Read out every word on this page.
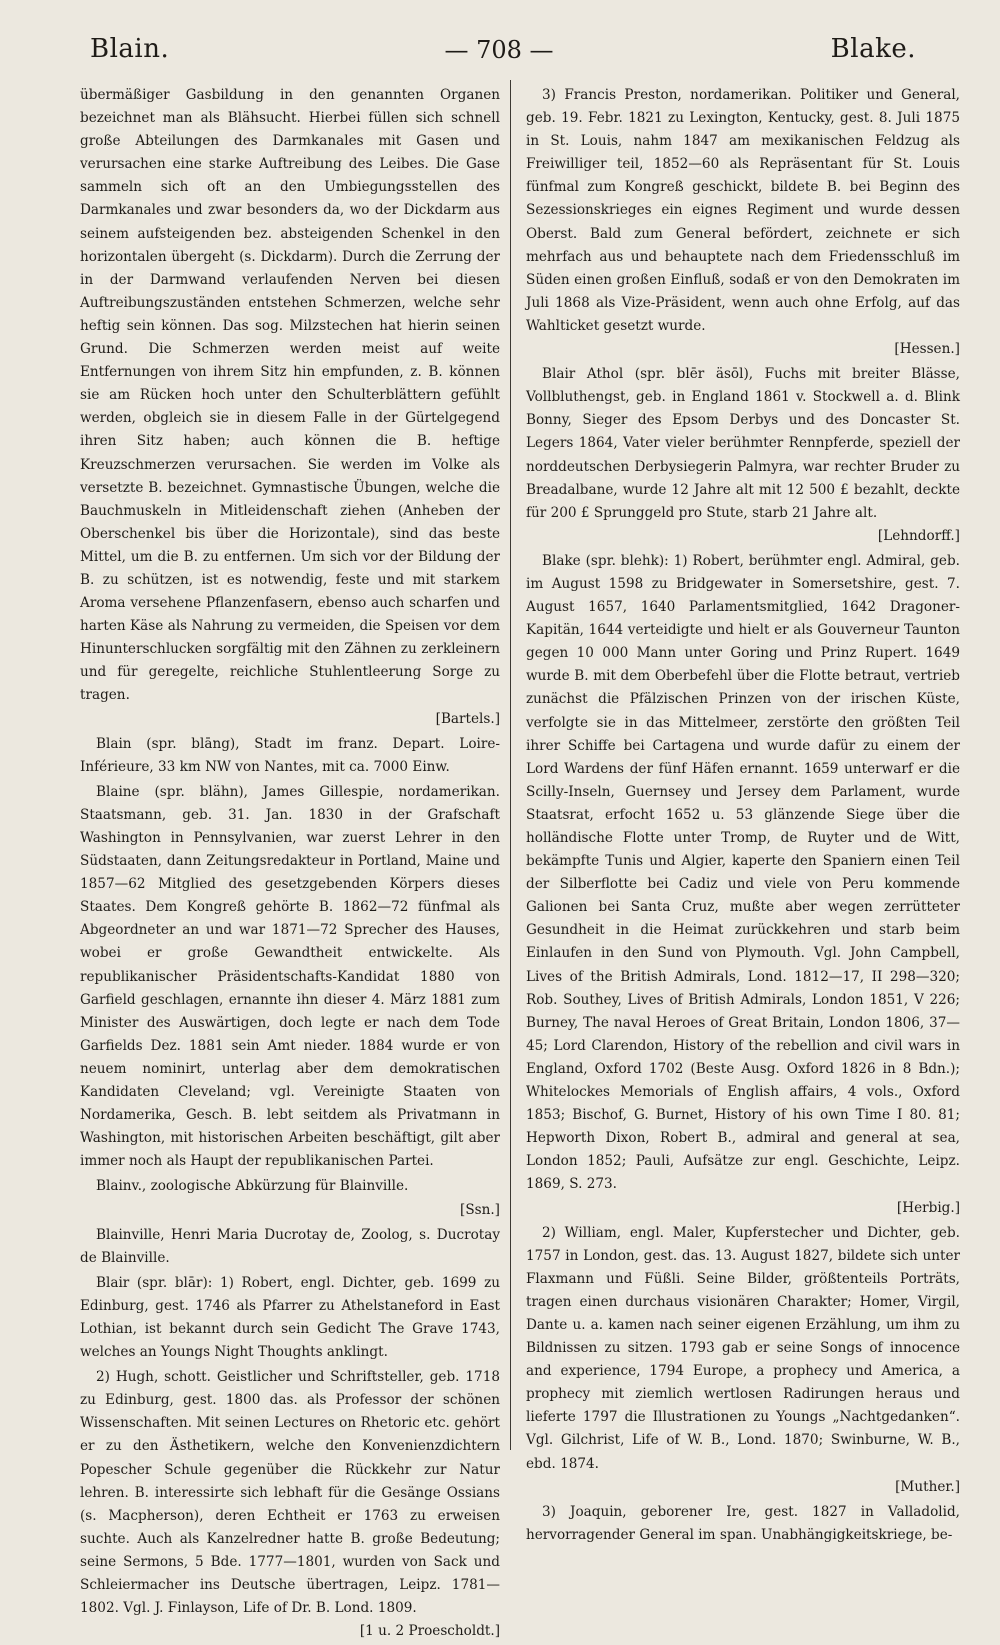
Blain.	— 708 —	Blake.

übermäßiger Gasbildung in den genannten Organen bezeichnet man als Blähsucht. Hierbei füllen sich schnell große Abteilungen des Darmkanales mit Gasen und verursachen eine starke Auftreibung des Leibes. Die Gase sammeln sich oft an den Umbiegungsstellen des Darmkanales und zwar besonders da, wo der Dickdarm aus seinem aufsteigenden bez. absteigenden Schenkel in den horizontalen übergeht (s. Dickdarm). Durch die Zerrung der in der Darmwand verlaufenden Nerven bei diesen Auftreibungszuständen entstehen Schmerzen, welche sehr heftig sein können. Das sog. Milzstechen hat hierin seinen Grund. Die Schmerzen werden meist auf weite Entfernungen von ihrem Sitz hin empfunden, z. B. können sie am Rücken hoch unter den Schulterblättern gefühlt werden, obgleich sie in diesem Falle in der Gürtelgegend ihren Sitz haben; auch können die B. heftige Kreuzschmerzen verursachen. Sie werden im Volke als versetzte B. bezeichnet. Gymnastische Übungen, welche die Bauchmuskeln in Mitleidenschaft ziehen (Anheben der Oberschenkel bis über die Horizontale), sind das beste Mittel, um die B. zu entfernen. Um sich vor der Bildung der B. zu schützen, ist es notwendig, feste und mit starkem Aroma versehene Pflanzenfasern, ebenso auch scharfen und harten Käse als Nahrung zu vermeiden, die Speisen vor dem Hinunterschlucken sorgfältig mit den Zähnen zu zerkleinern und für geregelte, reichliche Stuhlentleerung Sorge zu tragen.
[Bartels.]

Blain (spr. blāng), Stadt im franz. Depart. Loire-Inférieure, 33 km NW von Nantes, mit ca. 7000 Einw.

Blaine (spr. blähn), James Gillespie, nordamerikan. Staatsmann, geb. 31. Jan. 1830 in der Grafschaft Washington in Pennsylvanien, war zuerst Lehrer in den Südstaaten, dann Zeitungsredakteur in Portland, Maine und 1857—62 Mitglied des gesetzgebenden Körpers dieses Staates. Dem Kongreß gehörte B. 1862—72 fünfmal als Abgeordneter an und war 1871—72 Sprecher des Hauses, wobei er große Gewandtheit entwickelte. Als republikanischer Präsidentschafts-Kandidat 1880 von Garfield geschlagen, ernannte ihn dieser 4. März 1881 zum Minister des Auswärtigen, doch legte er nach dem Tode Garfields Dez. 1881 sein Amt nieder. 1884 wurde er von neuem nominirt, unterlag aber dem demokratischen Kandidaten Cleveland; vgl. Vereinigte Staaten von Nordamerika, Gesch. B. lebt seitdem als Privatmann in Washington, mit historischen Arbeiten beschäftigt, gilt aber immer noch als Haupt der republikanischen Partei.

Blainv., zoologische Abkürzung für Blainville.
[Ssn.]

Blainville, Henri Maria Ducrotay de, Zoolog, s. Ducrotay de Blainville.

Blair (spr. blār): 1) Robert, engl. Dichter, geb. 1699 zu Edinburg, gest. 1746 als Pfarrer zu Athelstaneford in East Lothian, ist bekannt durch sein Gedicht The Grave 1743, welches an Youngs Night Thoughts anklingt.

2) Hugh, schott. Geistlicher und Schriftsteller, geb. 1718 zu Edinburg, gest. 1800 das. als Professor der schönen Wissenschaften. Mit seinen Lectures on Rhetoric etc. gehört er zu den Ästhetikern, welche den Konvenienzdichtern Popescher Schule gegenüber die Rückkehr zur Natur lehren. B. interessirte sich lebhaft für die Gesänge Ossians (s. Macpherson), deren Echtheit er 1763 zu erweisen suchte. Auch als Kanzelredner hatte B. große Bedeutung; seine Sermons, 5 Bde. 1777—1801, wurden von Sack und Schleiermacher ins Deutsche übertragen, Leipz. 1781—1802. Vgl. J. Finlayson, Life of Dr. B. Lond. 1809.
[1 u. 2 Proescholdt.]

3) Francis Preston, nordamerikan. Politiker und General, geb. 19. Febr. 1821 zu Lexington, Kentucky, gest. 8. Juli 1875 in St. Louis, nahm 1847 am mexikanischen Feldzug als Freiwilliger teil, 1852—60 als Repräsentant für St. Louis fünfmal zum Kongreß geschickt, bildete B. bei Beginn des Sezessionskrieges ein eignes Regiment und wurde dessen Oberst. Bald zum General befördert, zeichnete er sich mehrfach aus und behauptete nach dem Friedensschluß im Süden einen großen Einfluß, sodaß er von den Demokraten im Juli 1868 als Vize-Präsident, wenn auch ohne Erfolg, auf das Wahlticket gesetzt wurde.
[Hessen.]

Blair Athol (spr. blēr äsōl), Fuchs mit breiter Blässe, Vollbluthengst, geb. in England 1861 v. Stockwell a. d. Blink Bonny, Sieger des Epsom Derbys und des Doncaster St. Legers 1864, Vater vieler berühmter Rennpferde, speziell der norddeutschen Derbysiegerin Palmyra, war rechter Bruder zu Breadalbane, wurde 12 Jahre alt mit 12 500 £ bezahlt, deckte für 200 £ Sprunggeld pro Stute, starb 21 Jahre alt.
[Lehndorff.]

Blake (spr. blehk): 1) Robert, berühmter engl. Admiral, geb. im August 1598 zu Bridgewater in Somersetshire, gest. 7. August 1657, 1640 Parlamentsmitglied, 1642 Dragoner-Kapitän, 1644 verteidigte und hielt er als Gouverneur Taunton gegen 10 000 Mann unter Goring und Prinz Rupert. 1649 wurde B. mit dem Oberbefehl über die Flotte betraut, vertrieb zunächst die Pfälzischen Prinzen von der irischen Küste, verfolgte sie in das Mittelmeer, zerstörte den größten Teil ihrer Schiffe bei Cartagena und wurde dafür zu einem der Lord Wardens der fünf Häfen ernannt. 1659 unterwarf er die Scilly-Inseln, Guernsey und Jersey dem Parlament, wurde Staatsrat, erfocht 1652 u. 53 glänzende Siege über die holländische Flotte unter Tromp, de Ruyter und de Witt, bekämpfte Tunis und Algier, kaperte den Spaniern einen Teil der Silberflotte bei Cadiz und viele von Peru kommende Galionen bei Santa Cruz, mußte aber wegen zerrütteter Gesundheit in die Heimat zurückkehren und starb beim Einlaufen in den Sund von Plymouth. Vgl. John Campbell, Lives of the British Admirals, Lond. 1812—17, II 298—320; Rob. Southey, Lives of British Admirals, London 1851, V 226; Burney, The naval Heroes of Great Britain, London 1806, 37—45; Lord Clarendon, History of the rebellion and civil wars in England, Oxford 1702 (Beste Ausg. Oxford 1826 in 8 Bdn.); Whitelockes Memorials of English affairs, 4 vols., Oxford 1853; Bischof, G. Burnet, History of his own Time I 80. 81; Hepworth Dixon, Robert B., admiral and general at sea, London 1852; Pauli, Aufsätze zur engl. Geschichte, Leipz. 1869, S. 273.
[Herbig.]

2) William, engl. Maler, Kupferstecher und Dichter, geb. 1757 in London, gest. das. 13. August 1827, bildete sich unter Flaxmann und Füßli. Seine Bilder, größtenteils Porträts, tragen einen durchaus visionären Charakter; Homer, Virgil, Dante u. a. kamen nach seiner eigenen Erzählung, um ihm zu Bildnissen zu sitzen. 1793 gab er seine Songs of innocence and experience, 1794 Europe, a prophecy und America, a prophecy mit ziemlich wertlosen Radirungen heraus und lieferte 1797 die Illustrationen zu Youngs „Nachtgedanken“. Vgl. Gilchrist, Life of W. B., Lond. 1870; Swinburne, W. B., ebd. 1874.
[Muther.]

3) Joaquin, geborener Ire, gest. 1827 in Valladolid, hervorragender General im span. Unabhängigkeitskriege, be-
